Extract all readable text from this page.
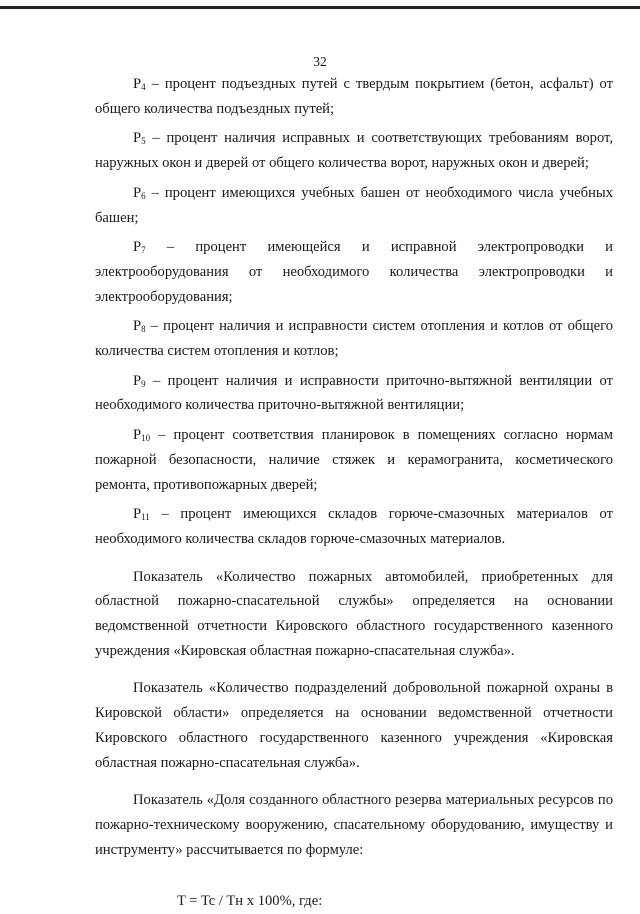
32

$P_4$ – процент подъездных путей с твердым покрытием (бетон, асфальт) от общего количества подъездных путей;

$P_5$ – процент наличия исправных и соответствующих требованиям ворот, наружных окон и дверей от общего количества ворот, наружных окон и дверей;

$P_6$ – процент имеющихся учебных башен от необходимого числа учебных башен;

$P_7$ – процент имеющейся и исправной электропроводки и электрооборудования от необходимого количества электропроводки и электрооборудования;

$P_8$ – процент наличия и исправности систем отопления и котлов от общего количества систем отопления и котлов;

$P_9$ – процент наличия и исправности приточно-вытяжной вентиляции от необходимого количества приточно-вытяжной вентиляции;

$P_{10}$ – процент соответствия планировок в помещениях согласно нормам пожарной безопасности, наличие стяжек и керамогранита, косметического ремонта, противопожарных дверей;

$P_{11}$ – процент имеющихся складов горюче-смазочных материалов от необходимого количества складов горюче-смазочных материалов.

Показатель «Количество пожарных автомобилей, приобретенных для областной пожарно-спасательной службы» определяется на основании ведомственной отчетности Кировского областного государственного казенного учреждения «Кировская областная пожарно-спасательная служба».

Показатель «Количество подразделений добровольной пожарной охраны в Кировской области» определяется на основании ведомственной отчетности Кировского областного государственного казенного учреждения «Кировская областная пожарно-спасательная служба».

Показатель «Доля созданного областного резерва материальных ресурсов по пожарно-техническому вооружению, спасательному оборудованию, имуществу и инструменту» рассчитывается по формуле:

T = Tc / Tн x 100%, где:
